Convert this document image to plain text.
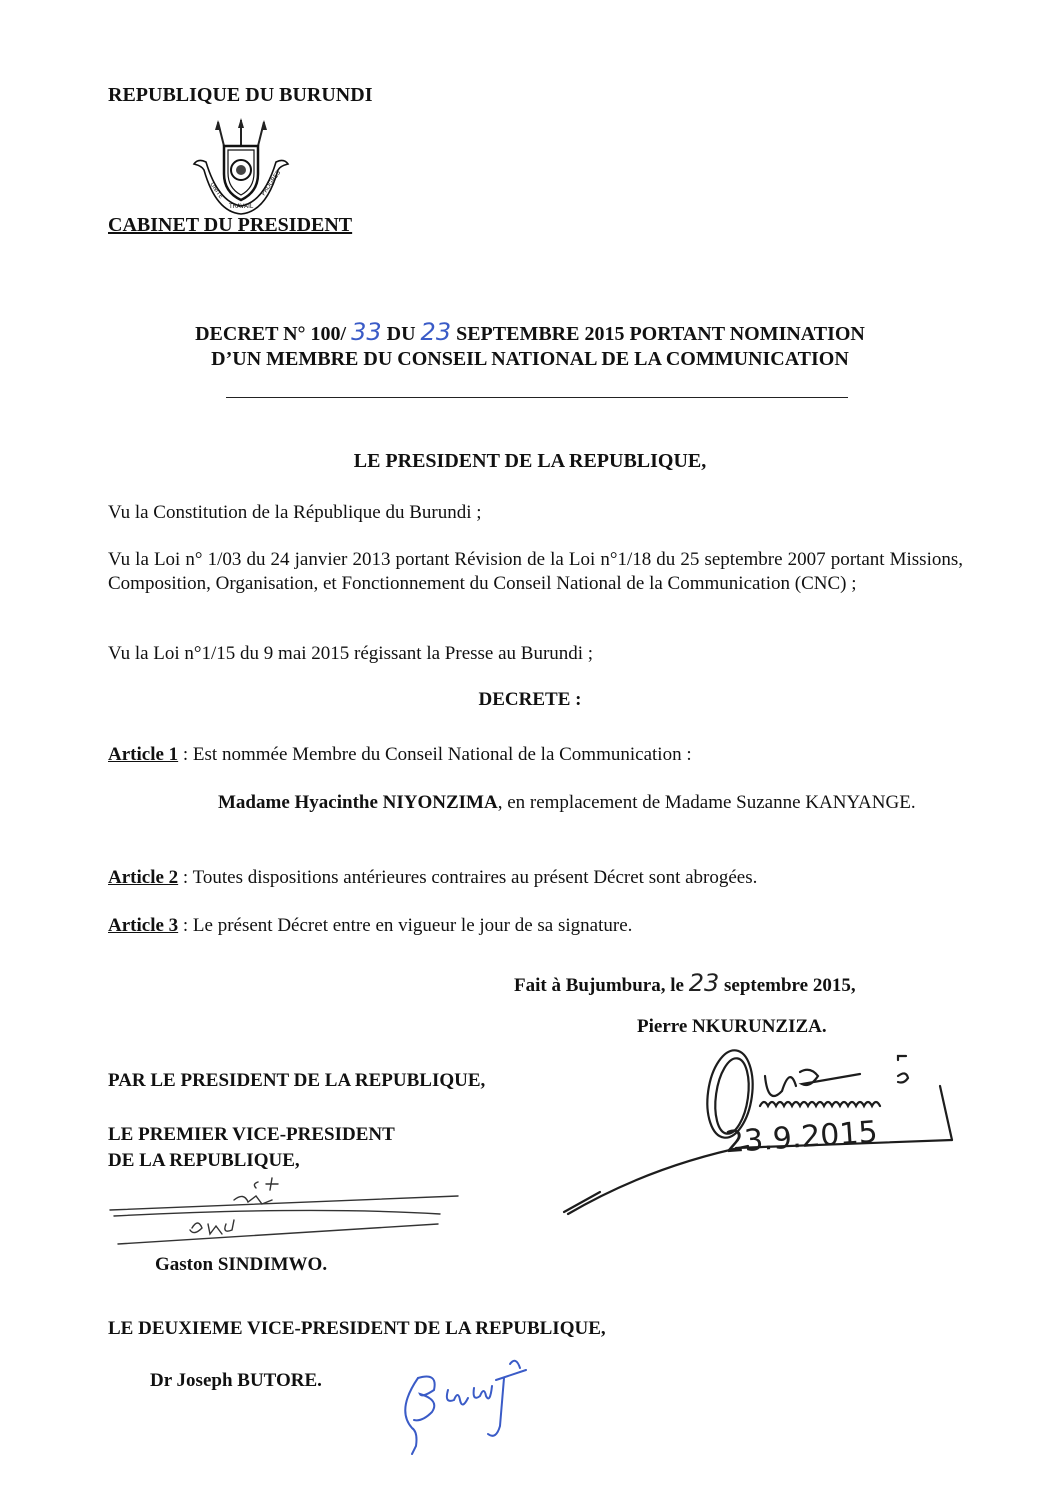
REPUBLIQUE DU BURUNDI
UNITE
TRAVAIL
PROGRES
CABINET DU PRESIDENT
DECRET N° 100/ 33 DU 23 SEPTEMBRE 2015 PORTANT NOMINATION
D’UN MEMBRE DU CONSEIL NATIONAL DE LA COMMUNICATION
LE PRESIDENT DE LA REPUBLIQUE,
Vu la Constitution de la République du Burundi ;
Vu la Loi n° 1/03 du 24 janvier 2013 portant Révision de la Loi n°1/18 du 25 septembre 2007 portant Missions, Composition, Organisation, et Fonctionnement du Conseil National de la Communication (CNC) ;
Vu la Loi n°1/15 du 9 mai 2015 régissant la Presse au Burundi ;
DECRETE :
Article 1 : Est nommée Membre du Conseil National de la Communication :
Madame Hyacinthe NIYONZIMA, en remplacement de Madame Suzanne KANYANGE.
Article 2 : Toutes dispositions antérieures contraires au présent Décret sont abrogées.
Article 3 : Le présent Décret entre en vigueur le jour de sa signature.
Fait à Bujumbura, le 23 septembre 2015,
Pierre NKURUNZIZA.
23.9.2015
PAR LE PRESIDENT DE LA REPUBLIQUE,
LE PREMIER VICE-PRESIDENT
DE LA REPUBLIQUE,
Gaston SINDIMWO.
LE DEUXIEME VICE-PRESIDENT DE LA REPUBLIQUE,
Dr Joseph BUTORE.
